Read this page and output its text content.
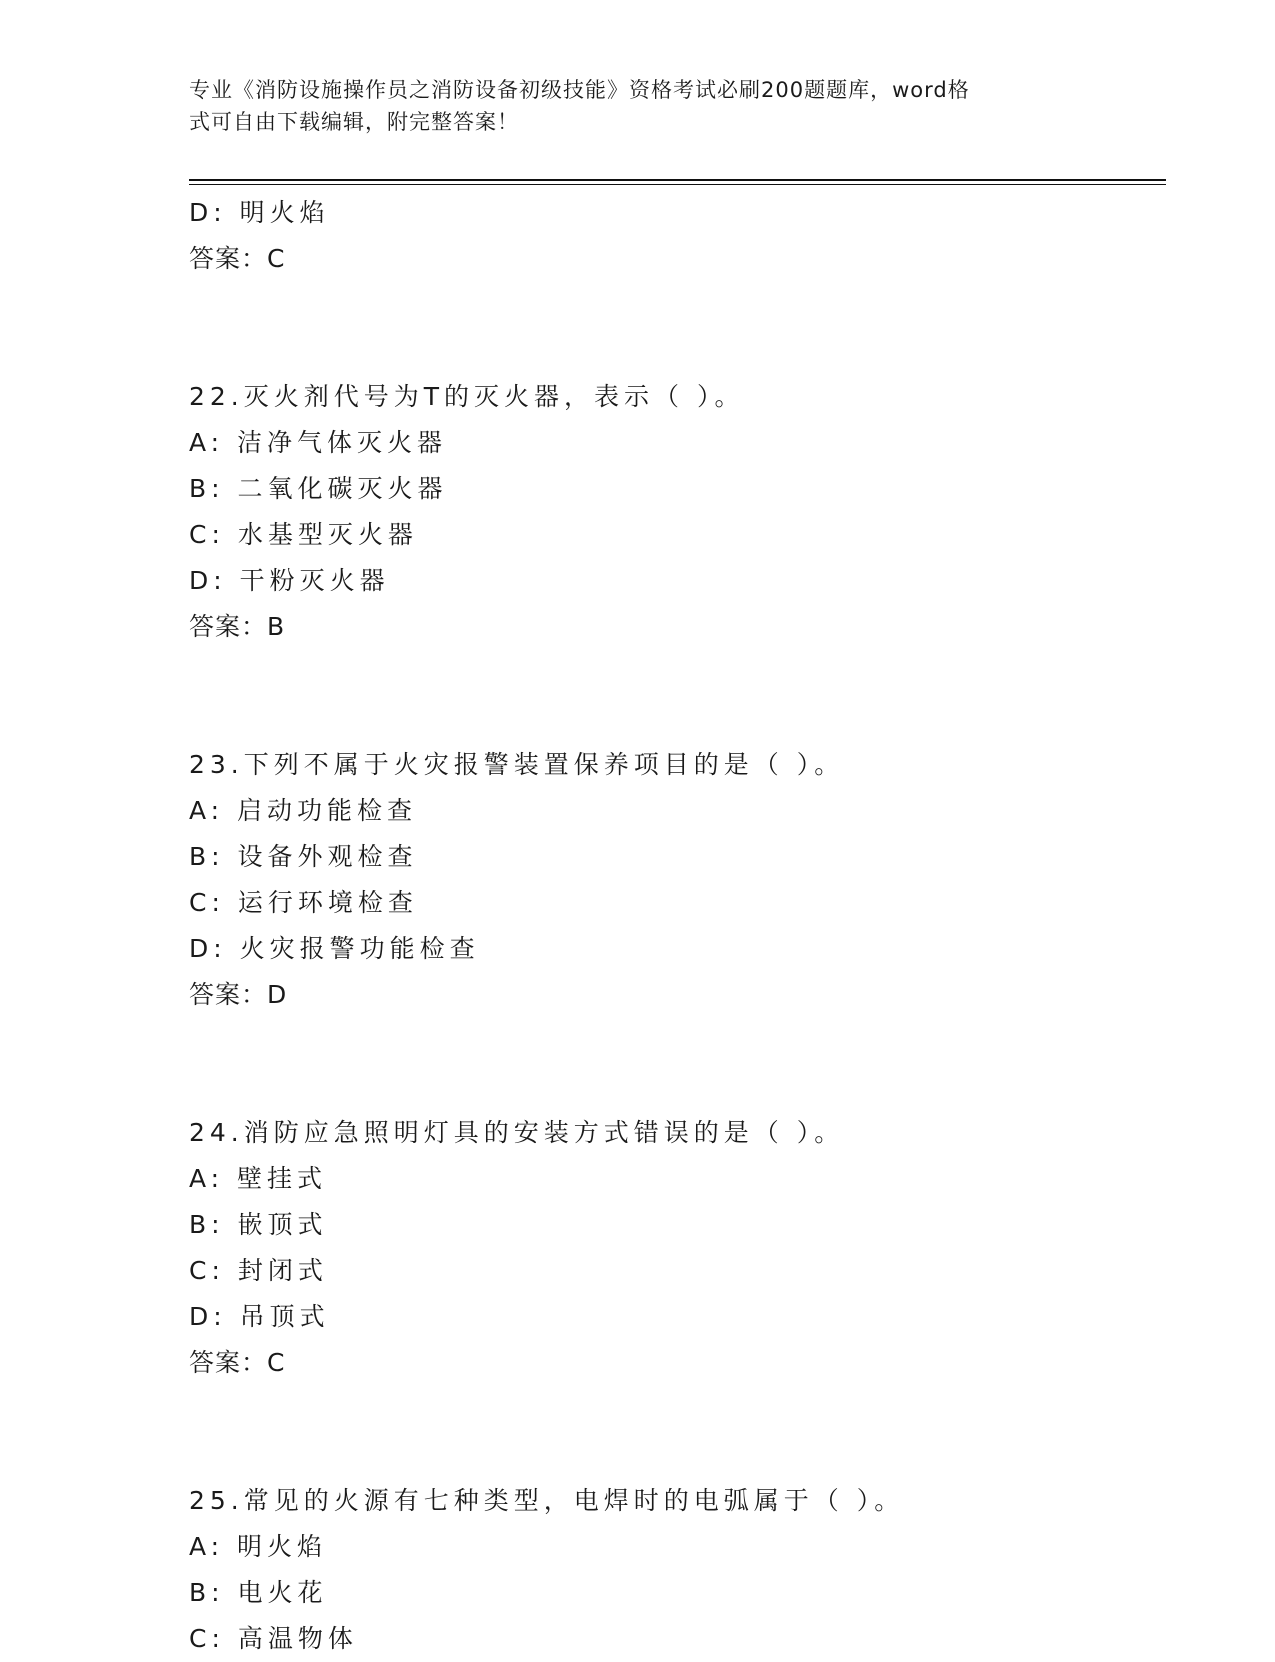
专业《消防设施操作员之消防设备初级技能》资格考试必刷200题题库，word格
式可自由下载编辑，附完整答案！
D: 明火焰
答案：C
22.灭火剂代号为T的灭火器，表示（ ）。
A: 洁净气体灭火器
B: 二氧化碳灭火器
C: 水基型灭火器
D: 干粉灭火器
答案：B
23.下列不属于火灾报警装置保养项目的是（ ）。
A: 启动功能检查
B: 设备外观检查
C: 运行环境检查
D: 火灾报警功能检查
答案：D
24.消防应急照明灯具的安装方式错误的是（ ）。
A: 壁挂式
B: 嵌顶式
C: 封闭式
D: 吊顶式
答案：C
25.常见的火源有七种类型，电焊时的电弧属于（ ）。
A: 明火焰
B: 电火花
C: 高温物体
